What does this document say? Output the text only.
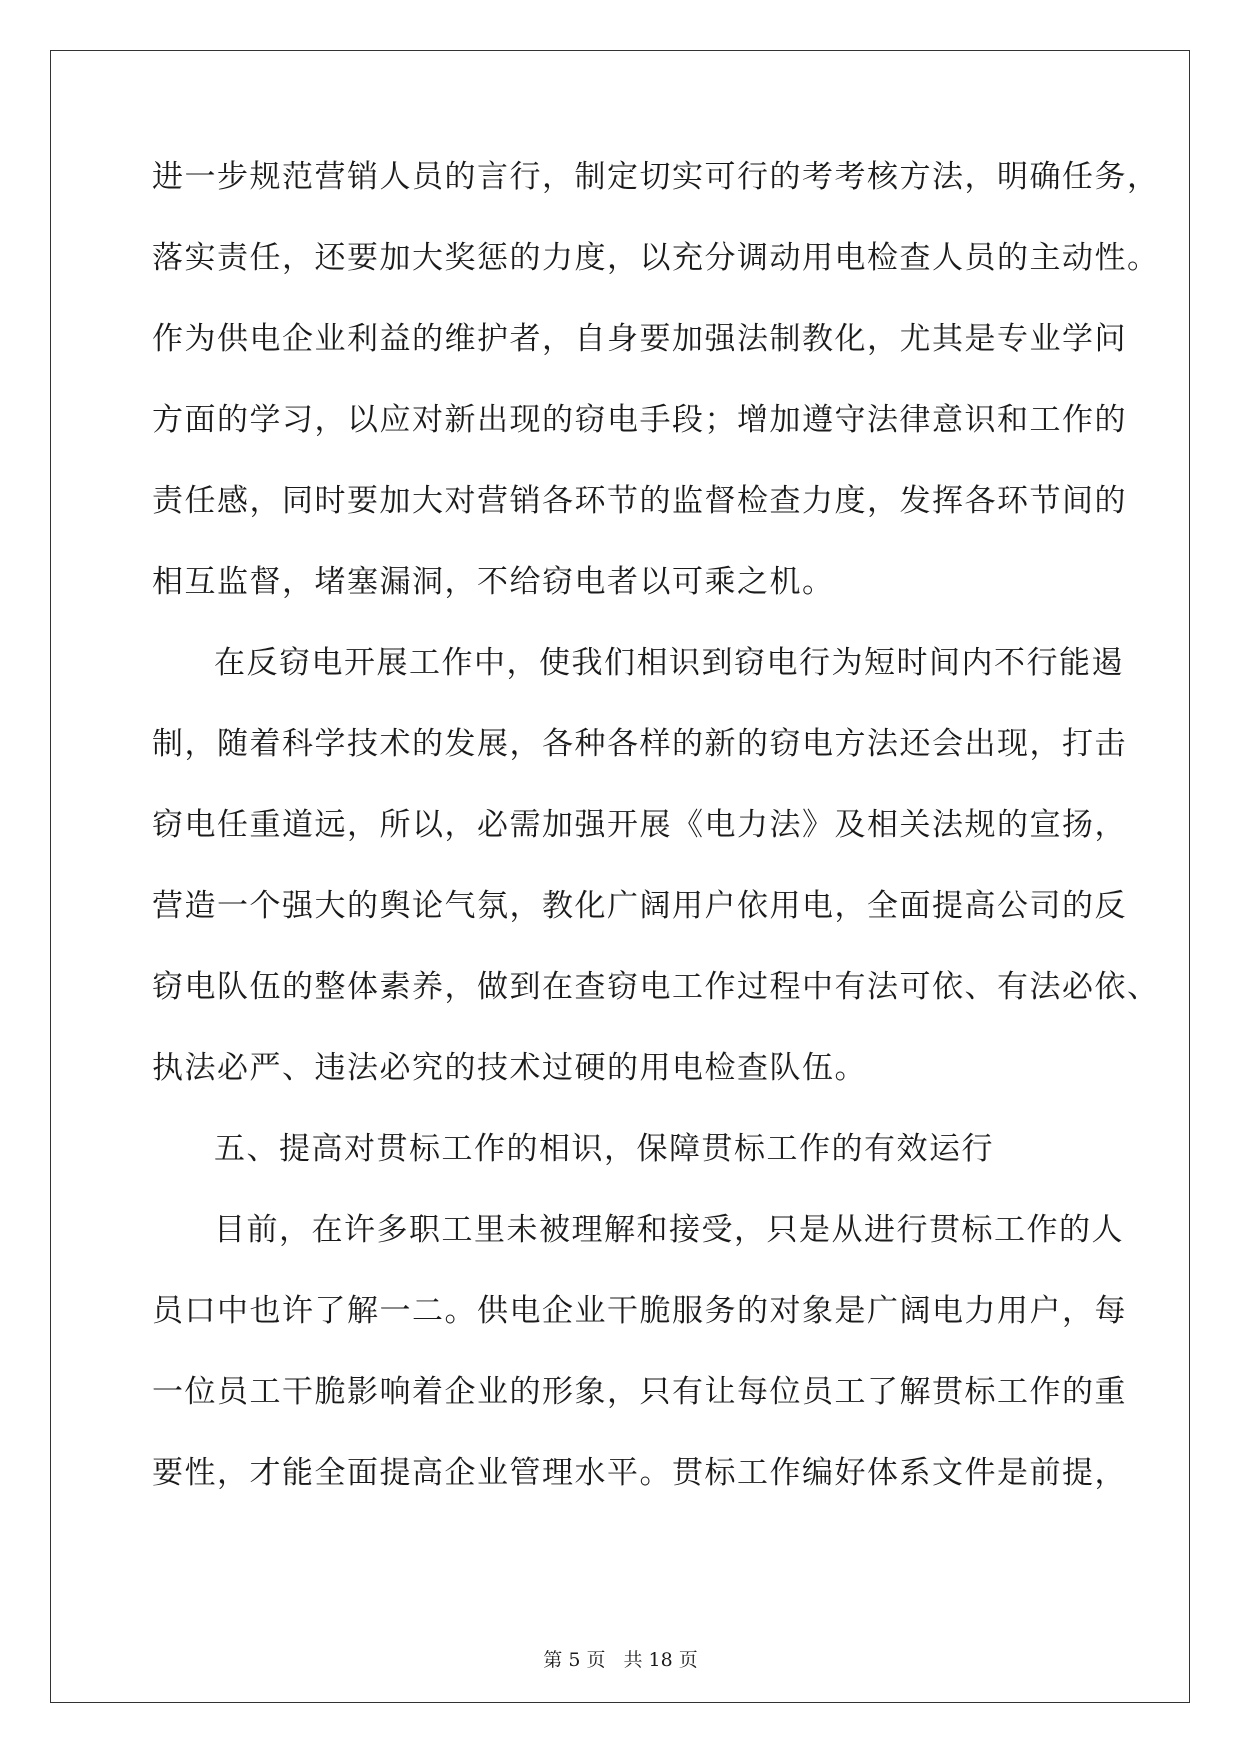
进一步规范营销人员的言行，制定切实可行的考考核方法，明确任务，
落实责任，还要加大奖惩的力度，以充分调动用电检查人员的主动性。
作为供电企业利益的维护者，自身要加强法制教化，尤其是专业学问
方面的学习，以应对新出现的窃电手段；增加遵守法律意识和工作的
责任感，同时要加大对营销各环节的监督检查力度，发挥各环节间的
相互监督，堵塞漏洞，不给窃电者以可乘之机。
在反窃电开展工作中，使我们相识到窃电行为短时间内不行能遏
制，随着科学技术的发展，各种各样的新的窃电方法还会出现，打击
窃电任重道远，所以，必需加强开展《电力法》及相关法规的宣扬，
营造一个强大的舆论气氛，教化广阔用户依用电，全面提高公司的反
窃电队伍的整体素养，做到在查窃电工作过程中有法可依、有法必依、
执法必严、违法必究的技术过硬的用电检查队伍。
五、提高对贯标工作的相识，保障贯标工作的有效运行
目前，在许多职工里未被理解和接受，只是从进行贯标工作的人
员口中也许了解一二。供电企业干脆服务的对象是广阔电力用户，每
一位员工干脆影响着企业的形象，只有让每位员工了解贯标工作的重
要性，才能全面提高企业管理水平。贯标工作编好体系文件是前提，
第 5 页 共 18 页
